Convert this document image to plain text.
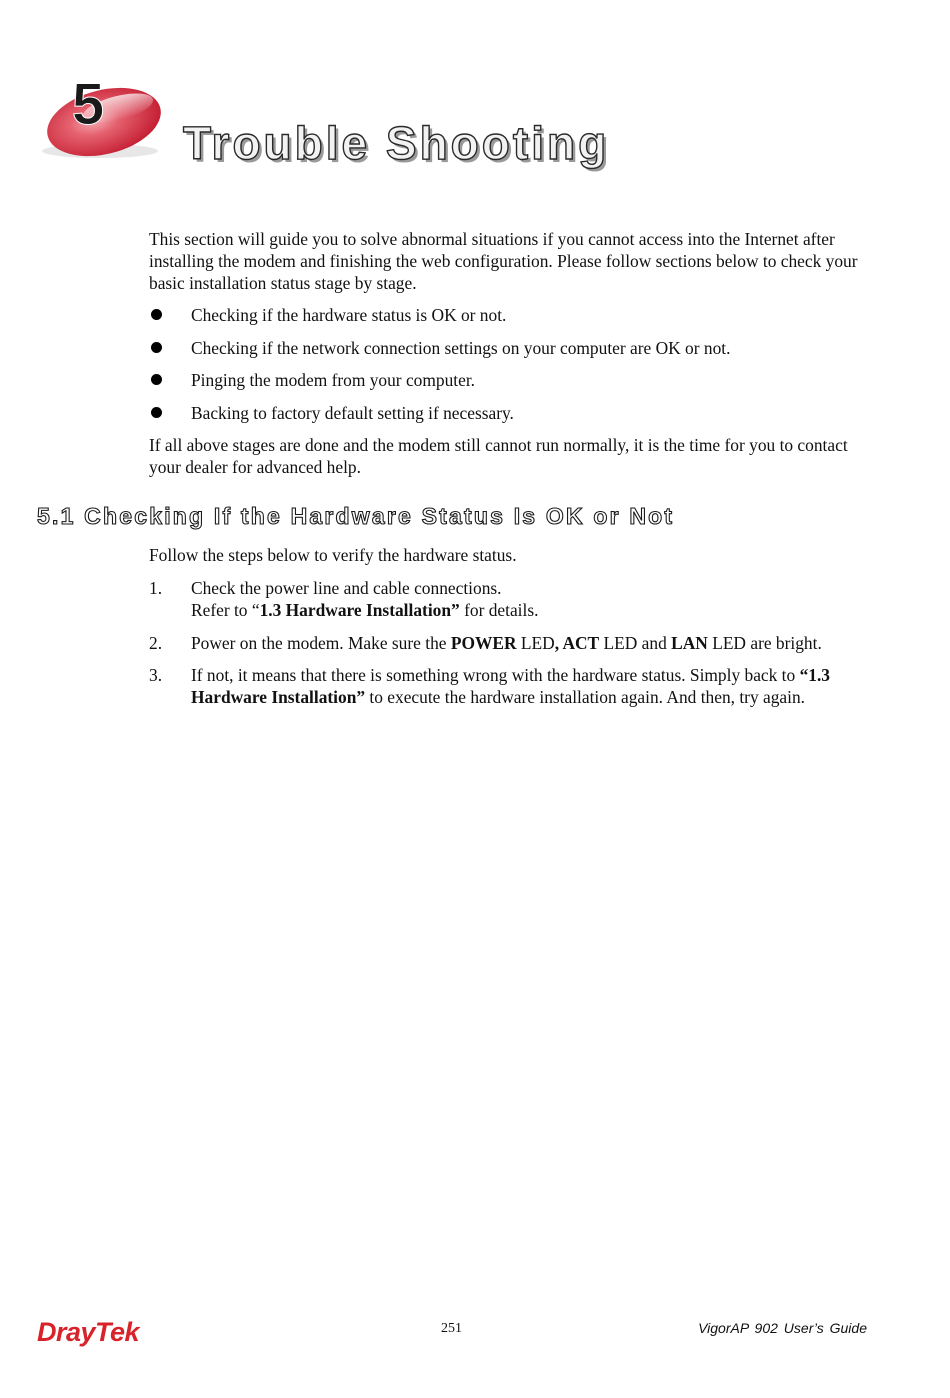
5
Trouble Shooting

This section will guide you to solve abnormal situations if you cannot access into the Internet after installing the modem and finishing the web configuration. Please follow sections below to check your basic installation status stage by stage.

Checking if the hardware status is OK or not.
Checking if the network connection settings on your computer are OK or not.
Pinging the modem from your computer.
Backing to factory default setting if necessary.

If all above stages are done and the modem still cannot run normally, it is the time for you to contact your dealer for advanced help.

5.1 Checking If the Hardware Status Is OK or Not

Follow the steps below to verify the hardware status.

1. Check the power line and cable connections.
Refer to “1.3 Hardware Installation” for details.
2. Power on the modem. Make sure the POWER LED, ACT LED and LAN LED are bright.
3. If not, it means that there is something wrong with the hardware status. Simply back to “1.3 Hardware Installation” to execute the hardware installation again. And then, try again.
DrayTek	251	VigorAP 902 User’s Guide
